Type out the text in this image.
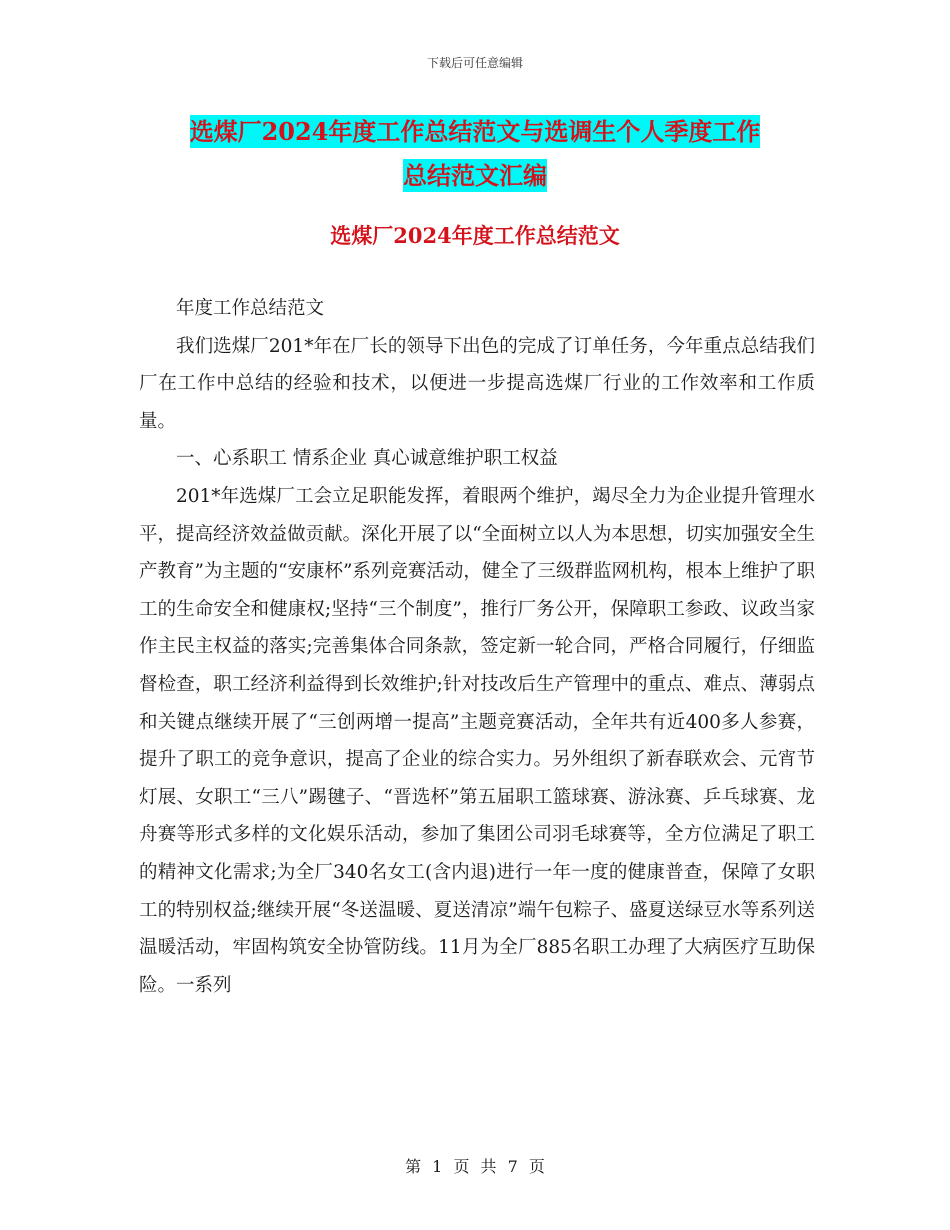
下载后可任意编辑
选煤厂2024年度工作总结范文与选调生个人季度工作
总结范文汇编
选煤厂2024年度工作总结范文

年度工作总结范文

我们选煤厂201*年在厂长的领导下出色的完成了订单任务，今年重点总结我们厂在工作中总结的经验和技术，以便进一步提高选煤厂行业的工作效率和工作质量。

一、心系职工 情系企业 真心诚意维护职工权益

201*年选煤厂工会立足职能发挥，着眼两个维护，竭尽全力为企业提升管理水平，提高经济效益做贡献。深化开展了以“全面树立以人为本思想，切实加强安全生产教育”为主题的“安康杯”系列竞赛活动，健全了三级群监网机构，根本上维护了职工的生命安全和健康权;坚持“三个制度”，推行厂务公开，保障职工参政、议政当家作主民主权益的落实;完善集体合同条款，签定新一轮合同，严格合同履行，仔细监督检查，职工经济利益得到长效维护;针对技改后生产管理中的重点、难点、薄弱点和关键点继续开展了“三创两增一提高”主题竞赛活动，全年共有近400多人参赛，提升了职工的竞争意识，提高了企业的综合实力。另外组织了新春联欢会、元宵节灯展、女职工“三八”踢毽子、“晋选杯”第五届职工篮球赛、游泳赛、乒乓球赛、龙舟赛等形式多样的文化娱乐活动，参加了集团公司羽毛球赛等，全方位满足了职工的精神文化需求;为全厂340名女工(含内退)进行一年一度的健康普查，保障了女职工的特别权益;继续开展“冬送温暖、夏送清凉”端午包粽子、盛夏送绿豆水等系列送温暖活动，牢固构筑安全协管防线。11月为全厂885名职工办理了大病医疗互助保险。一系列

第 1 页 共 7 页
